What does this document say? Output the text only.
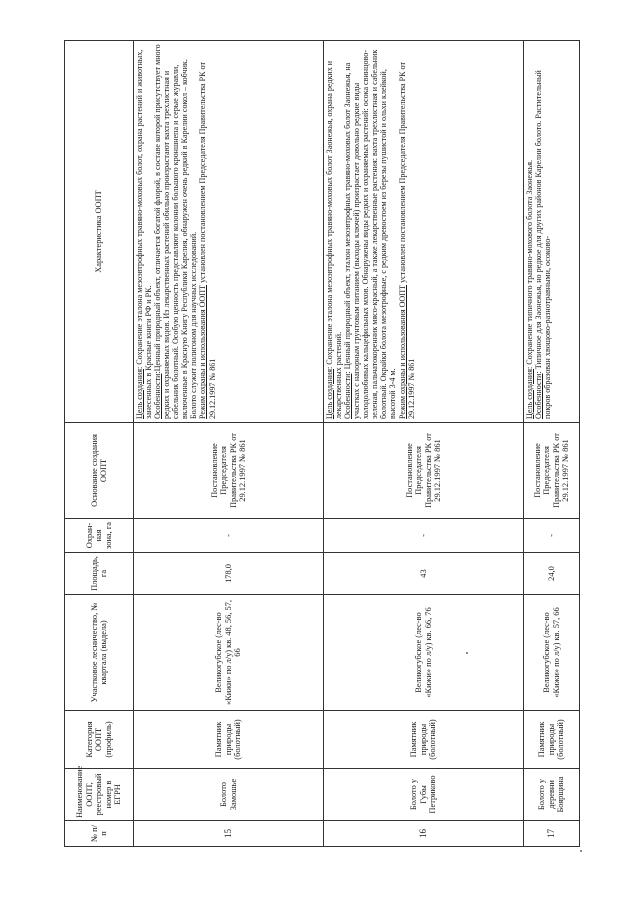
№ п/п	Наименование ООПТ, реестровый номер в ЕГРН	Категория ООПТ (профиль)	Участковое лесничество, № квартала (выдела)	Площадь, га	Охран-ная зона, га	Основание создания ООПТ	Характеристика ООПТ
15	Болото Замошье	Памятник природы (болотный)	Великогубское (лес-во «Кижи» по л/у) кв. 48, 56, 57, 66	178,0	-	Постановление Председателя Правительства РК от 29.12.1997 № 861	Цель создания: Сохранение эталона мезоэвтрофных травяно-моховых болот, охрана растений и животных, занесенных в Красные книги РФ и РК. Особенности:Ценный природный объект, отличается богатой флорой, в составе которой присутствует много редких и охраняемых видов. Из лекарственных растений обильно произрастают вахта трехлистная и сабельник болотный. Особую ценность представляют колонии большого кроншнепа и серые журавли, включенные в Красную Книгу Республики Карелия, обнаружен очень редкий в Карелии сокол – кобчик. Болото служит полигоном для научных исследований. Режим охраны и использования ООПТ установлен постановлением Председателя Правительства РК от 29.12.1997 № 861

16	Болото у Губы Петриково	Памятник природы (болотный)	Великогубское (лес-во «Кижи» по л/у) кв. 66, 76	43	-	Постановление Председателя Правительства РК от 29.12.1997 № 861	Цель создания: Сохранение эталона мезоэвтрофных травяно-моховых болот Заонежья, охрана редких и лекарственных растений. Особенности: Ценный природный объект, эталон мезоэвтрофных травяно-моховых болот Заонежья, на участках с напорным грунтовым питанием (выходы ключей) произрастает довольно редкие виды холодолюбивых кальцефильных мхов. Обнаружены виды редких и охраняемых растений: осока свинцово-зеленая, пальчатокоренник мясо-красный, а также лекарственные растения: вахта трехлистная и сабельник болотный. Окрайки болота мезотрофные, с редким древостоем из березы пушистой и ольхи клейкой, высотой 3-4 м. Режим охраны и использования ООПТ установлен постановлением Председателя Правительства РК от 29.12.1997 № 861

17	Болото у деревни Боярщина	Памятник природы (болотный)	Великогубское (лес-во «Кижи» по л/у) кв. 57, 66	24,0	-	Постановление Председателя Правительства РК от 29.12.1997 № 861	Цель создания: Сохранение типичного травяно-мохового болота Заонежья.
Особенности: Типичное для Заонежья, но редкое для других районов Карелии болото. Растительный покров образован хвощово-разнотравными, осоково-
